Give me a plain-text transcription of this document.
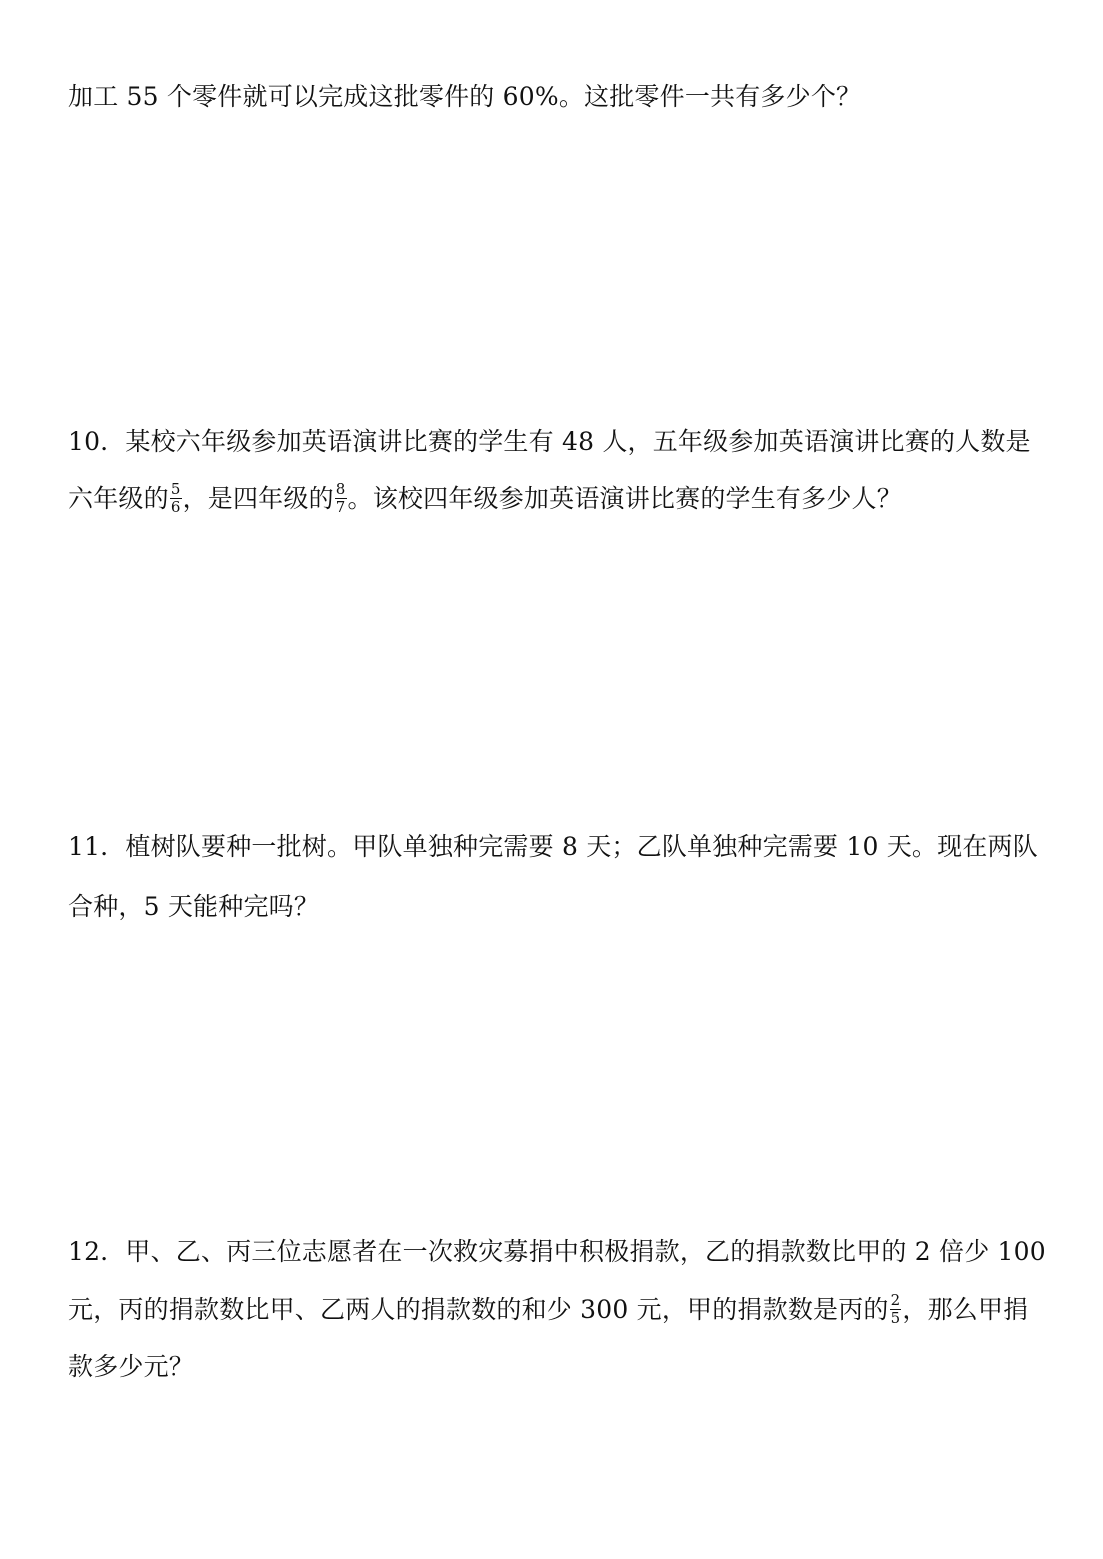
加工 55 个零件就可以完成这批零件的 60%。这批零件一共有多少个？
10．某校六年级参加英语演讲比赛的学生有 48 人，五年级参加英语演讲比赛的人数是
六年级的 $\frac{5}{6}$ ，是四年级的 $\frac{8}{7}$ 。该校四年级参加英语演讲比赛的学生有多少人？
11．植树队要种一批树。甲队单独种完需要 8 天；乙队单独种完需要 10 天。现在两队
合种，5 天能种完吗？
12．甲、乙、丙三位志愿者在一次救灾募捐中积极捐款，乙的捐款数比甲的 2 倍少 100
元，丙的捐款数比甲、乙两人的捐款数的和少 300 元，甲的捐款数是丙的 $\frac{2}{5}$ ，那么甲捐
款多少元？
